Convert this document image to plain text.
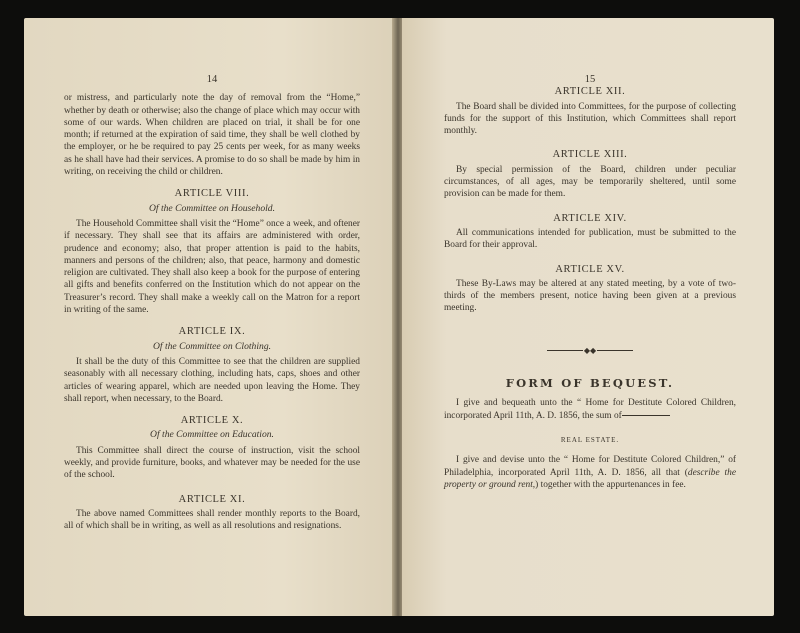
14

or mistress, and particularly note the day of removal from the “Home,” whether by death or otherwise; also the change of place which may occur with some of our wards. When children are placed on trial, it shall be for one month; if returned at the expiration of said time, they shall be well clothed by the employer, or he be required to pay 25 cents per week, for as many weeks as he shall have had their services. A promise to do so shall be made by him in writing, on receiving the child or children.

ARTICLE VIII.
Of the Committee on Household.

The Household Committee shall visit the “Home” once a week, and oftener if necessary. They shall see that its affairs are administered with order, prudence and economy; also, that proper attention is paid to the habits, manners and persons of the children; also, that peace, harmony and domestic religion are cultivated. They shall also keep a book for the purpose of entering all gifts and benefits conferred on the Institution which do not appear on the Treasurer’s record. They shall make a weekly call on the Matron for a report in writing of the same.

ARTICLE IX.
Of the Committee on Clothing.

It shall be the duty of this Committee to see that the children are supplied seasonably with all necessary clothing, including hats, caps, shoes and other articles of wearing apparel, which are needed upon leaving the Home. They shall report, when necessary, to the Board.

ARTICLE X.
Of the Committee on Education.

This Committee shall direct the course of instruction, visit the school weekly, and provide furniture, books, and whatever may be needed for the use of the school.

ARTICLE XI.

The above named Committees shall render monthly reports to the Board, all of which shall be in writing, as well as all resolutions and resignations.

15
ARTICLE XII.

The Board shall be divided into Committees, for the purpose of collecting funds for the support of this Institution, which Committees shall report monthly.

ARTICLE XIII.

By special permission of the Board, children under peculiar circumstances, of all ages, may be temporarily sheltered, until some provision can be made for them.

ARTICLE XIV.

All communications intended for publication, must be submitted to the Board for their approval.

ARTICLE XV.

These By-Laws may be altered at any stated meeting, by a vote of two-thirds of the members present, notice having been given at a previous meeting.

◆◆
FORM OF BEQUEST.

I give and bequeath unto the “ Home for Destitute Colored Children, incorporated April 11th, A. D. 1856, the sum of

REAL ESTATE.

I give and devise unto the “ Home for Destitute Colored Children,” of Philadelphia, incorporated April 11th, A. D. 1856, all that (describe the property or ground rent,) together with the appurtenances in fee.
